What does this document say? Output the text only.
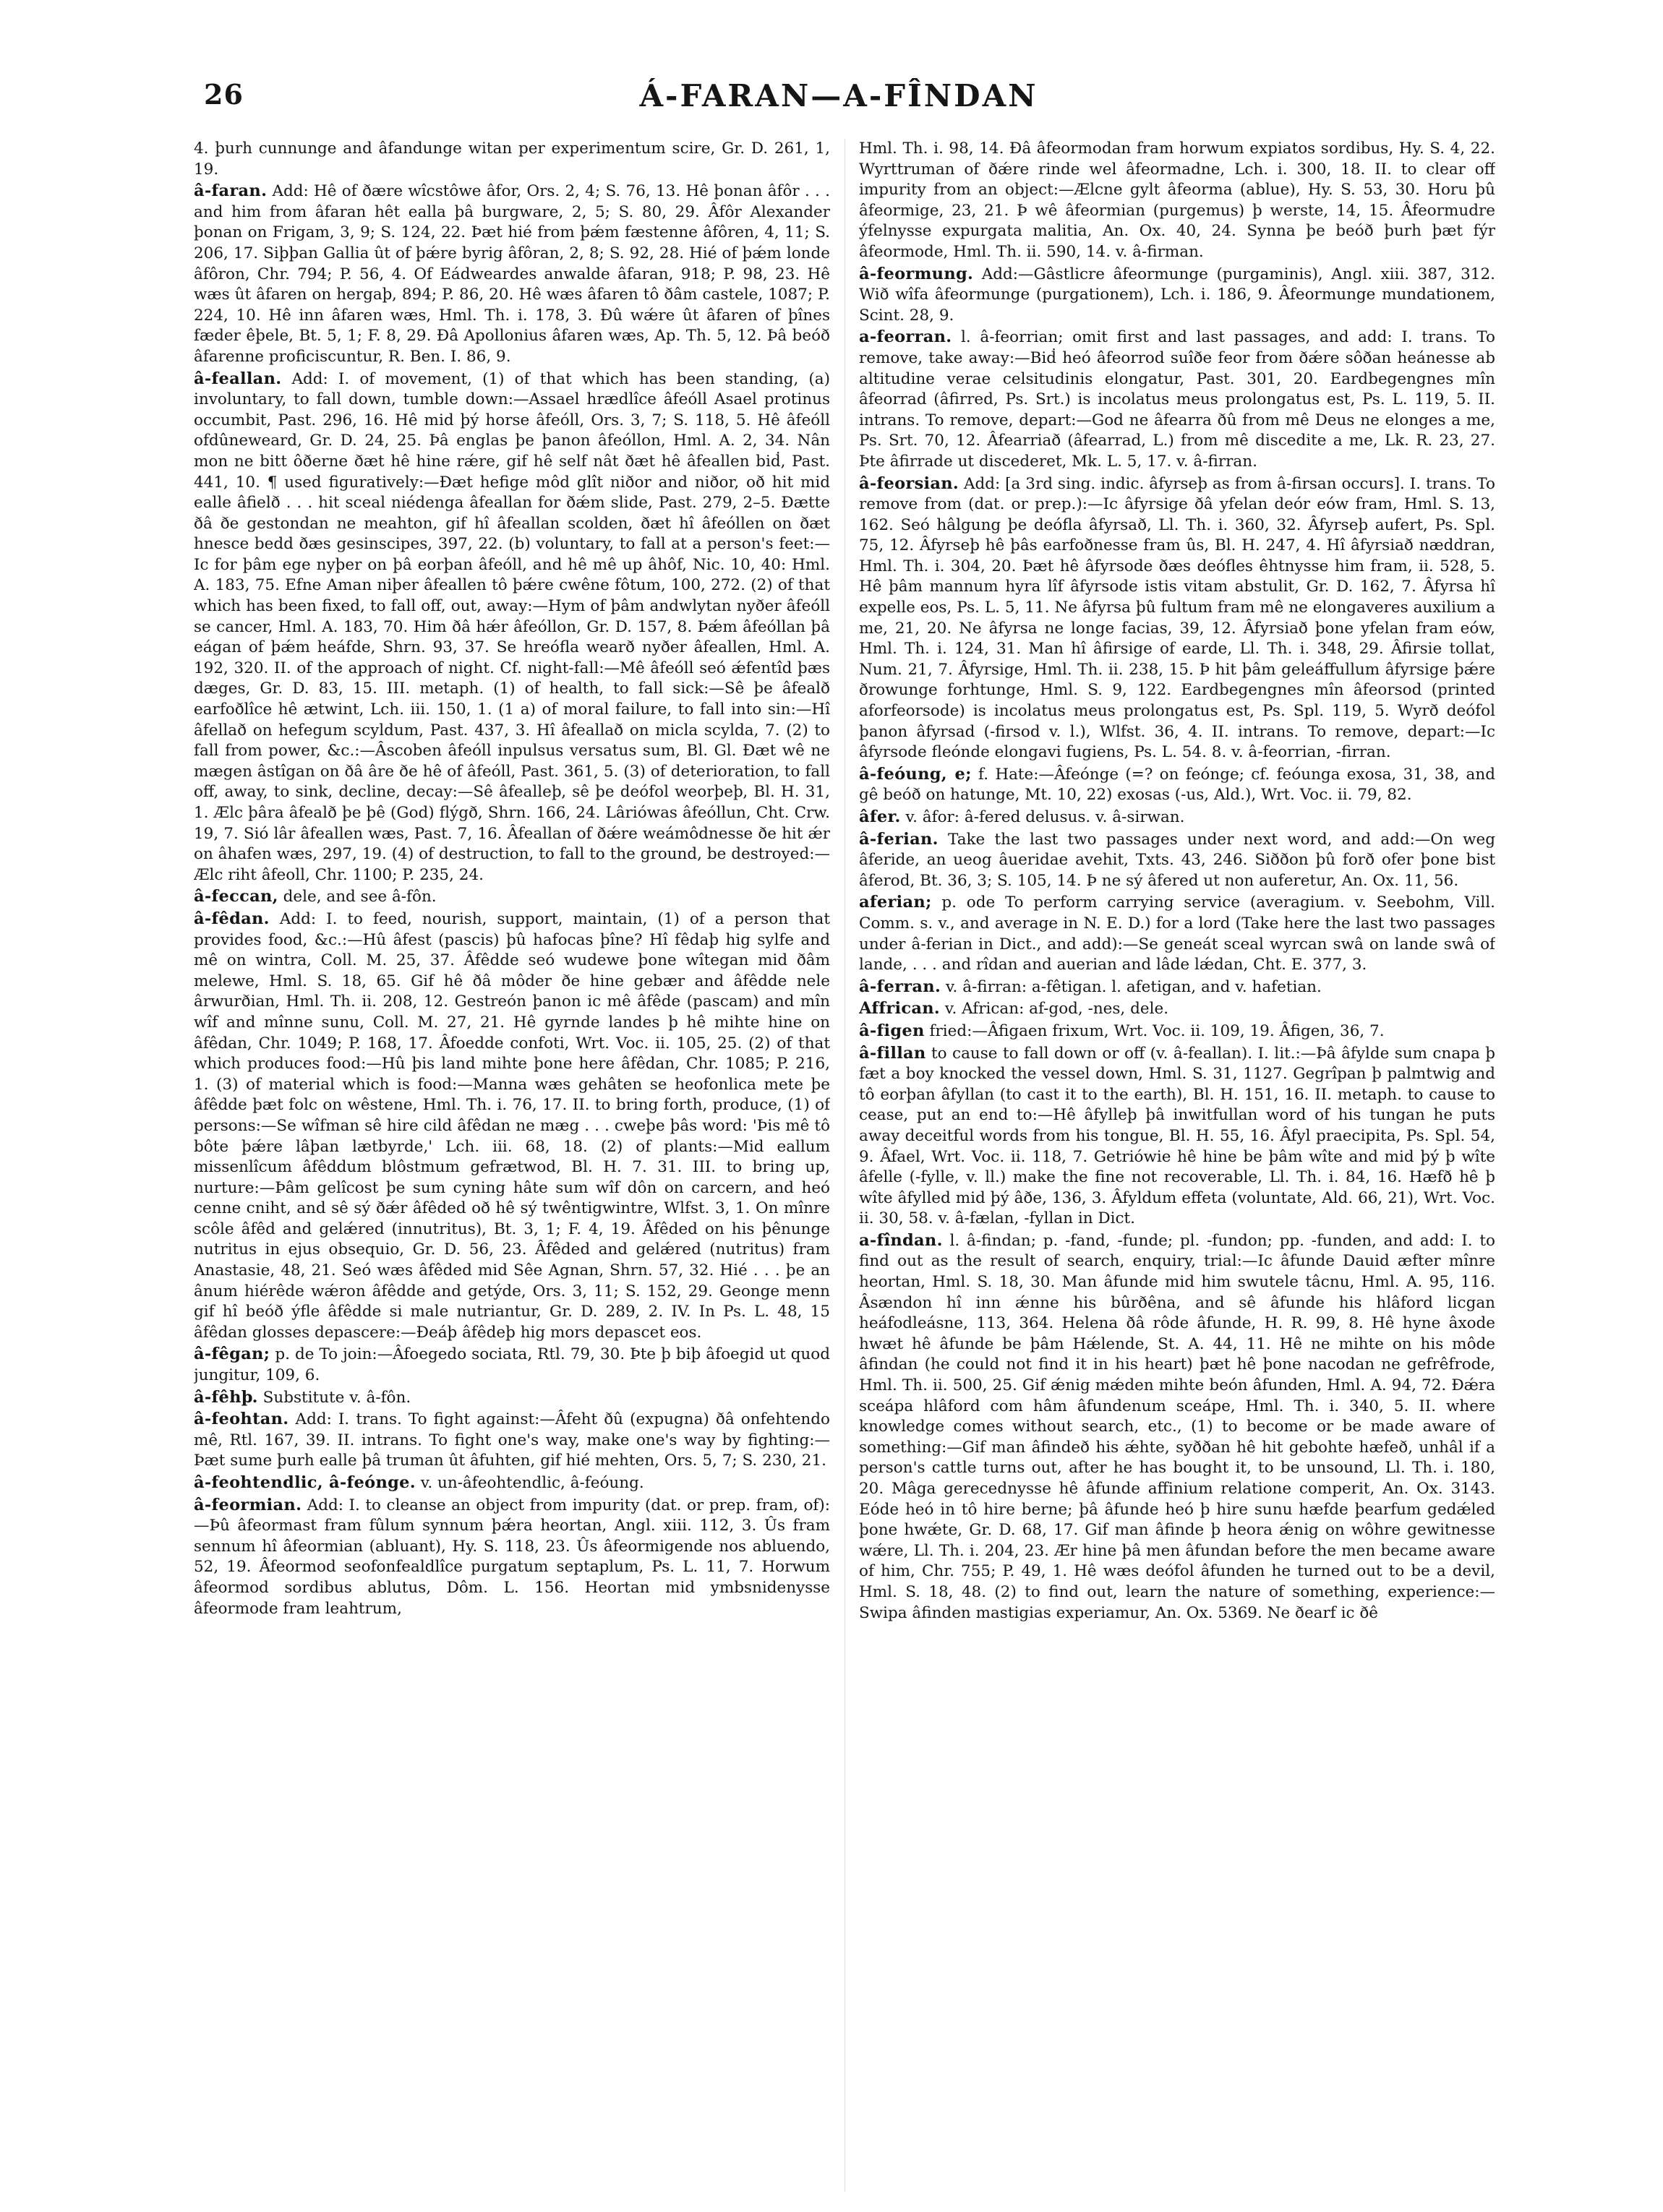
26	Á-FARAN—A-FÎNDAN

4. þurh cunnunge and âfandunge witan per experimentum scire, Gr. D. 261, 1, 19.

â-faran. Add: Hê of ðære wîcstôwe âfor, Ors. 2, 4; S. 76, 13. Hê þonan âfôr . . . and him from âfaran hêt ealla þâ burgware, 2, 5; S. 80, 29. Âfôr Alexander þonan on Frigam, 3, 9; S. 124, 22. Þæt hié from þǽm fæstenne âfôren, 4, 11; S. 206, 17. Siþþan Gallia ût of þǽre byrig âfôran, 2, 8; S. 92, 28. Hié of þǽm londe âfôron, Chr. 794; P. 56, 4. Of Eádweardes anwalde âfaran, 918; P. 98, 23. Hê wæs ût âfaren on hergaþ, 894; P. 86, 20. Hê wæs âfaren tô ðâm castele, 1087; P. 224, 10. Hê inn âfaren wæs, Hml. Th. i. 178, 3. Ðû wǽre ût âfaren of þînes fæder êþele, Bt. 5, 1; F. 8, 29. Ðâ Apollonius âfaren wæs, Ap. Th. 5, 12. Þâ beóð âfarenne proficiscuntur, R. Ben. I. 86, 9.

â-feallan. Add: I. of movement, (1) of that which has been standing, (a) involuntary, to fall down, tumble down:—Assael hrædlîce âfeóll Asael protinus occumbit, Past. 296, 16. Hê mid þý horse âfeóll, Ors. 3, 7; S. 118, 5. Hê âfeóll ofdûneweard, Gr. D. 24, 25. Þâ englas þe þanon âfeóllon, Hml. A. 2, 34. Nân mon ne bitt ôðerne ðæt hê hine rǽre, gif hê self nât ðæt hê âfeallen biḋ, Past. 441, 10. ¶ used figuratively:—Ðæt hefige môd glît niðor and niðor, oð hit mid ealle âfielð . . . hit sceal niédenga âfeallan for ðǽm slide, Past. 279, 2–5. Ðætte ðâ ðe gestondan ne meahton, gif hî âfeallan scolden, ðæt hî âfeóllen on ðæt hnesce bedd ðæs gesinscipes, 397, 22. (b) voluntary, to fall at a person's feet:—Ic for þâm ege nyþer on þâ eorþan âfeóll, and hê mê up âhôf, Nic. 10, 40: Hml. A. 183, 75. Efne Aman niþer âfeallen tô þǽre cwêne fôtum, 100, 272. (2) of that which has been fixed, to fall off, out, away:—Hym of þâm andwlytan nyðer âfeóll se cancer, Hml. A. 183, 70. Him ðâ hǽr âfeóllon, Gr. D. 157, 8. Þǽm âfeóllan þâ eágan of þǽm heáfde, Shrn. 93, 37. Se hreófla wearð nyðer âfeallen, Hml. A. 192, 320. II. of the approach of night. Cf. night-fall:—Mê âfeóll seó ǽfentîd þæs dæges, Gr. D. 83, 15. III. metaph. (1) of health, to fall sick:—Sê þe âfealð earfoðlîce hê ætwint, Lch. iii. 150, 1. (1 a) of moral failure, to fall into sin:—Hî âfellað on hefegum scyldum, Past. 437, 3. Hî âfeallað on micla scylda, 7. (2) to fall from power, &c.:—Âscoben âfeóll inpulsus versatus sum, Bl. Gl. Ðæt wê ne mægen âstîgan on ðâ âre ðe hê of âfeóll, Past. 361, 5. (3) of deterioration, to fall off, away, to sink, decline, decay:—Sê âfealleþ, sê þe deófol weorþeþ, Bl. H. 31, 1. Ælc þâra âfealð þe þê (God) flýgð, Shrn. 166, 24. Lâriówas âfeóllun, Cht. Crw. 19, 7. Sió lâr âfeallen wæs, Past. 7, 16. Âfeallan of ðǽre weámôdnesse ðe hit ǽr on âhafen wæs, 297, 19. (4) of destruction, to fall to the ground, be destroyed:—Ælc riht âfeoll, Chr. 1100; P. 235, 24.

â-feccan, dele, and see â-fôn.

â-fêdan. Add: I. to feed, nourish, support, maintain, (1) of a person that provides food, &c.:—Hû âfest (pascis) þû hafocas þîne? Hî fêdaþ hig sylfe and mê on wintra, Coll. M. 25, 37. Âfêdde seó wudewe þone wîtegan mid ðâm melewe, Hml. S. 18, 65. Gif hê ðâ môder ðe hine gebær and âfêdde nele ârwurðian, Hml. Th. ii. 208, 12. Gestreón þanon ic mê âfêde (pascam) and mîn wîf and mînne sunu, Coll. M. 27, 21. Hê gyrnde landes þ hê mihte hine on âfêdan, Chr. 1049; P. 168, 17. Âfoedde confoti, Wrt. Voc. ii. 105, 25. (2) of that which produces food:—Hû þis land mihte þone here âfêdan, Chr. 1085; P. 216, 1. (3) of material which is food:—Manna wæs gehâten se heofonlica mete þe âfêdde þæt folc on wêstene, Hml. Th. i. 76, 17. II. to bring forth, produce, (1) of persons:—Se wîfman sê hire cild âfêdan ne mæg . . . cweþe þâs word: 'Þis mê tô bôte þǽre lâþan lætbyrde,' Lch. iii. 68, 18. (2) of plants:—Mid eallum missenlîcum âfêddum blôstmum gefrætwod, Bl. H. 7. 31. III. to bring up, nurture:—Þâm gelîcost þe sum cyning hâte sum wîf dôn on carcern, and heó cenne cniht, and sê sý ðǽr âfêded oð hê sý twêntigwintre, Wlfst. 3, 1. On mînre scôle âfêd and gelǽred (innutritus), Bt. 3, 1; F. 4, 19. Âfêded on his þênunge nutritus in ejus obsequio, Gr. D. 56, 23. Âfêded and gelǽred (nutritus) fram Anastasie, 48, 21. Seó wæs âfêded mid Sêe Agnan, Shrn. 57, 32. Hié . . . þe an ânum hiérêde wǽron âfêdde and getýde, Ors. 3, 11; S. 152, 29. Geonge menn gif hî beóð ýfle âfêdde si male nutriantur, Gr. D. 289, 2. IV. In Ps. L. 48, 15 âfêdan glosses depascere:—Ðeáþ âfêdeþ hig mors depascet eos.

â-fêgan; p. de To join:—Âfoegedo sociata, Rtl. 79, 30. Þte þ biþ âfoegid ut quod jungitur, 109, 6.

â-fêhþ. Substitute v. â-fôn.

â-feohtan. Add: I. trans. To fight against:—Âfeht ðû (expugna) ðâ onfehtendo mê, Rtl. 167, 39. II. intrans. To fight one's way, make one's way by fighting:—Þæt sume þurh ealle þâ truman ût âfuhten, gif hié mehten, Ors. 5, 7; S. 230, 21.

â-feohtendlic, â-feónge. v. un-âfeohtendlic, â-feóung.

â-feormian. Add: I. to cleanse an object from impurity (dat. or prep. fram, of):—Þû âfeormast fram fûlum synnum þǽra heortan, Angl. xiii. 112, 3. Ûs fram sennum hî âfeormian (abluant), Hy. S. 118, 23. Ûs âfeormigende nos abluendo, 52, 19. Âfeormod seofonfealdlîce purgatum septaplum, Ps. L. 11, 7. Horwum âfeormod sordibus ablutus, Dôm. L. 156. Heortan mid ymbsnidenysse âfeormode fram leahtrum,

Hml. Th. i. 98, 14. Ðâ âfeormodan fram horwum expiatos sordibus, Hy. S. 4, 22. Wyrttruman of ðǽre rinde wel âfeormadne, Lch. i. 300, 18. II. to clear off impurity from an object:—Ælcne gylt âfeorma (ablue), Hy. S. 53, 30. Horu þû âfeormige, 23, 21. Þ wê âfeormian (purgemus) þ werste, 14, 15. Âfeormudre ýfelnysse expurgata malitia, An. Ox. 40, 24. Synna þe beóð þurh þæt fýr âfeormode, Hml. Th. ii. 590, 14. v. â-firman.

â-feormung. Add:—Gâstlicre âfeormunge (purgaminis), Angl. xiii. 387, 312. Wið wîfa âfeormunge (purgationem), Lch. i. 186, 9. Âfeormunge mundationem, Scint. 28, 9.

a-feorran. l. â-feorrian; omit first and last passages, and add: I. trans. To remove, take away:—Biḋ heó âfeorrod suîðe feor from ðǽre sôðan heánesse ab altitudine verae celsitudinis elongatur, Past. 301, 20. Eardbegengnes mîn âfeorrad (âfirred, Ps. Srt.) is incolatus meus prolongatus est, Ps. L. 119, 5. II. intrans. To remove, depart:—God ne âfearra ðû from mê Deus ne elonges a me, Ps. Srt. 70, 12. Âfearriað (âfearrad, L.) from mê discedite a me, Lk. R. 23, 27. Þte âfirrade ut discederet, Mk. L. 5, 17. v. â-firran.

â-feorsian. Add: [a 3rd sing. indic. âfyrseþ as from â-firsan occurs]. I. trans. To remove from (dat. or prep.):—Ic âfyrsige ðâ yfelan deór eów fram, Hml. S. 13, 162. Seó hâlgung þe deófla âfyrsað, Ll. Th. i. 360, 32. Âfyrseþ aufert, Ps. Spl. 75, 12. Âfyrseþ hê þâs earfoðnesse fram ûs, Bl. H. 247, 4. Hî âfyrsiað næddran, Hml. Th. i. 304, 20. Þæt hê âfyrsode ðæs deófles êhtnysse him fram, ii. 528, 5. Hê þâm mannum hyra lîf âfyrsode istis vitam abstulit, Gr. D. 162, 7. Âfyrsa hî expelle eos, Ps. L. 5, 11. Ne âfyrsa þû fultum fram mê ne elongaveres auxilium a me, 21, 20. Ne âfyrsa ne longe facias, 39, 12. Âfyrsiað þone yfelan fram eów, Hml. Th. i. 124, 31. Man hî âfirsige of earde, Ll. Th. i. 348, 29. Âfirsie tollat, Num. 21, 7. Âfyrsige, Hml. Th. ii. 238, 15. Þ hit þâm geleáffullum âfyrsige þǽre ðrowunge forhtunge, Hml. S. 9, 122. Eardbegengnes mîn âfeorsod (printed aforfeorsode) is incolatus meus prolongatus est, Ps. Spl. 119, 5. Wyrð deófol þanon âfyrsad (-firsod v. l.), Wlfst. 36, 4. II. intrans. To remove, depart:—Ic âfyrsode fleónde elongavi fugiens, Ps. L. 54. 8. v. â-feorrian, -firran.

â-feóung, e; f. Hate:—Âfeónge (=? on feónge; cf. feóunga exosa, 31, 38, and gê beóð on hatunge, Mt. 10, 22) exosas (-us, Ald.), Wrt. Voc. ii. 79, 82.

âfer. v. âfor: â-fered delusus. v. â-sirwan.

â-ferian. Take the last two passages under next word, and add:—On weg âferide, an ueog âueridae avehit, Txts. 43, 246. Siððon þû forð ofer þone bist âferod, Bt. 36, 3; S. 105, 14. Þ ne sý âfered ut non auferetur, An. Ox. 11, 56.

aferian; p. ode To perform carrying service (averagium. v. Seebohm, Vill. Comm. s. v., and average in N. E. D.) for a lord (Take here the last two passages under â-ferian in Dict., and add):—Se geneát sceal wyrcan swâ on lande swâ of lande, . . . and rîdan and auerian and lâde lǽdan, Cht. E. 377, 3.

â-ferran. v. â-firran: a-fêtigan. l. afetigan, and v. hafetian.

Affrican. v. African: af-god, -nes, dele.

â-figen fried:—Âfigaen frixum, Wrt. Voc. ii. 109, 19. Âfigen, 36, 7.

â-fillan to cause to fall down or off (v. â-feallan). I. lit.:—Þâ âfylde sum cnapa þ fæt a boy knocked the vessel down, Hml. S. 31, 1127. Gegrîpan þ palmtwig and tô eorþan âfyllan (to cast it to the earth), Bl. H. 151, 16. II. metaph. to cause to cease, put an end to:—Hê âfylleþ þâ inwitfullan word of his tungan he puts away deceitful words from his tongue, Bl. H. 55, 16. Âfyl praecipita, Ps. Spl. 54, 9. Âfael, Wrt. Voc. ii. 118, 7. Getriówie hê hine be þâm wîte and mid þý þ wîte âfelle (-fylle, v. ll.) make the fine not recoverable, Ll. Th. i. 84, 16. Hæfð hê þ wîte âfylled mid þý âðe, 136, 3. Âfyldum effeta (voluntate, Ald. 66, 21), Wrt. Voc. ii. 30, 58. v. â-fælan, -fyllan in Dict.

a-fîndan. l. â-findan; p. -fand, -funde; pl. -fundon; pp. -funden, and add: I. to find out as the result of search, enquiry, trial:—Ic âfunde Dauid æfter mînre heortan, Hml. S. 18, 30. Man âfunde mid him swutele tâcnu, Hml. A. 95, 116. Âsændon hî inn ǽnne his bûrðêna, and sê âfunde his hlâford licgan heáfodleásne, 113, 364. Helena ðâ rôde âfunde, H. R. 99, 8. Hê hyne âxode hwæt hê âfunde be þâm Hǽlende, St. A. 44, 11. Hê ne mihte on his môde âfindan (he could not find it in his heart) þæt hê þone nacodan ne gefrêfrode, Hml. Th. ii. 500, 25. Gif ǽnig mǽden mihte beón âfunden, Hml. A. 94, 72. Ðǽra sceápa hlâford com hâm âfundenum sceápe, Hml. Th. i. 340, 5. II. where knowledge comes without search, etc., (1) to become or be made aware of something:—Gif man âfindeð his ǽhte, syððan hê hit gebohte hæfeð, unhâl if a person's cattle turns out, after he has bought it, to be unsound, Ll. Th. i. 180, 20. Mâga gerecednysse hê âfunde affinium relatione comperit, An. Ox. 3143. Eóde heó in tô hire berne; þâ âfunde heó þ hire sunu hæfde þearfum gedǽled þone hwǽte, Gr. D. 68, 17. Gif man âfinde þ heora ǽnig on wôhre gewitnesse wǽre, Ll. Th. i. 204, 23. Ær hine þâ men âfundan before the men became aware of him, Chr. 755; P. 49, 1. Hê wæs deófol âfunden he turned out to be a devil, Hml. S. 18, 48. (2) to find out, learn the nature of something, experience:—Swipa âfinden mastigias experiamur, An. Ox. 5369. Ne ðearf ic ðê
